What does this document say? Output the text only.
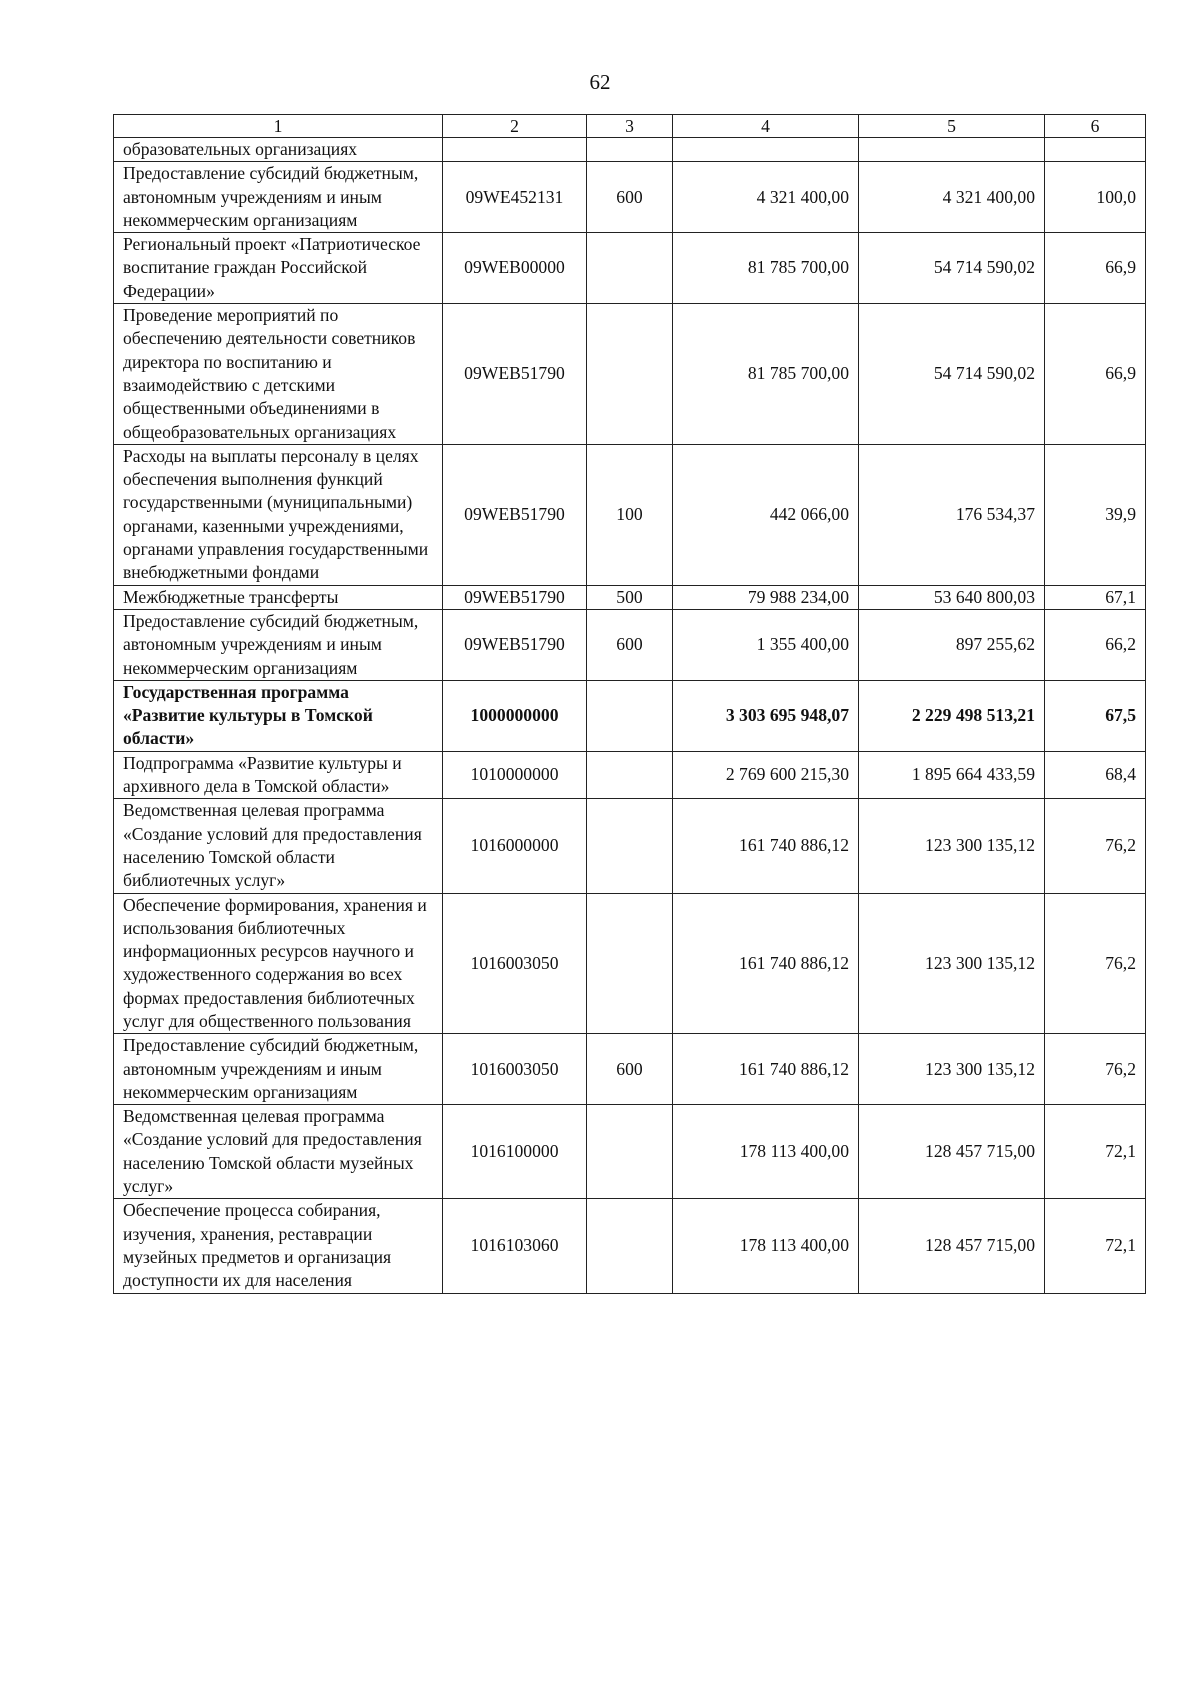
62
1	2	3	4	5	6
образовательных организациях					
Предоставление субсидий бюджетным, автономным учреждениям и иным некоммерческим организациям	09WE452131	600	4 321 400,00	4 321 400,00	100,0
Региональный проект «Патриотическое воспитание граждан Российской Федерации»	09WEB00000		81 785 700,00	54 714 590,02	66,9
Проведение мероприятий по обеспечению деятельности советников директора по воспитанию и взаимодействию с детскими общественными объединениями в общеобразовательных организациях	09WEB51790		81 785 700,00	54 714 590,02	66,9
Расходы на выплаты персоналу в целях обеспечения выполнения функций государственными (муниципальными) органами, казенными учреждениями, органами управления государственными внебюджетными фондами	09WEB51790	100	442 066,00	176 534,37	39,9
Межбюджетные трансферты	09WEB51790	500	79 988 234,00	53 640 800,03	67,1
Предоставление субсидий бюджетным, автономным учреждениям и иным некоммерческим организациям	09WEB51790	600	1 355 400,00	897 255,62	66,2
Государственная программа «Развитие культуры в Томской области»	1000000000		3 303 695 948,07	2 229 498 513,21	67,5
Подпрограмма «Развитие культуры и архивного дела в Томской области»	1010000000		2 769 600 215,30	1 895 664 433,59	68,4
Ведомственная целевая программа «Создание условий для предоставления населению Томской области библиотечных услуг»	1016000000		161 740 886,12	123 300 135,12	76,2
Обеспечение формирования, хранения и использования библиотечных информационных ресурсов научного и художественного содержания во всех формах предоставления библиотечных услуг для общественного пользования	1016003050		161 740 886,12	123 300 135,12	76,2
Предоставление субсидий бюджетным, автономным учреждениям и иным некоммерческим организациям	1016003050	600	161 740 886,12	123 300 135,12	76,2
Ведомственная целевая программа «Создание условий для предоставления населению Томской области музейных услуг»	1016100000		178 113 400,00	128 457 715,00	72,1
Обеспечение процесса собирания, изучения, хранения, реставрации музейных предметов и организация доступности их для населения	1016103060		178 113 400,00	128 457 715,00	72,1
